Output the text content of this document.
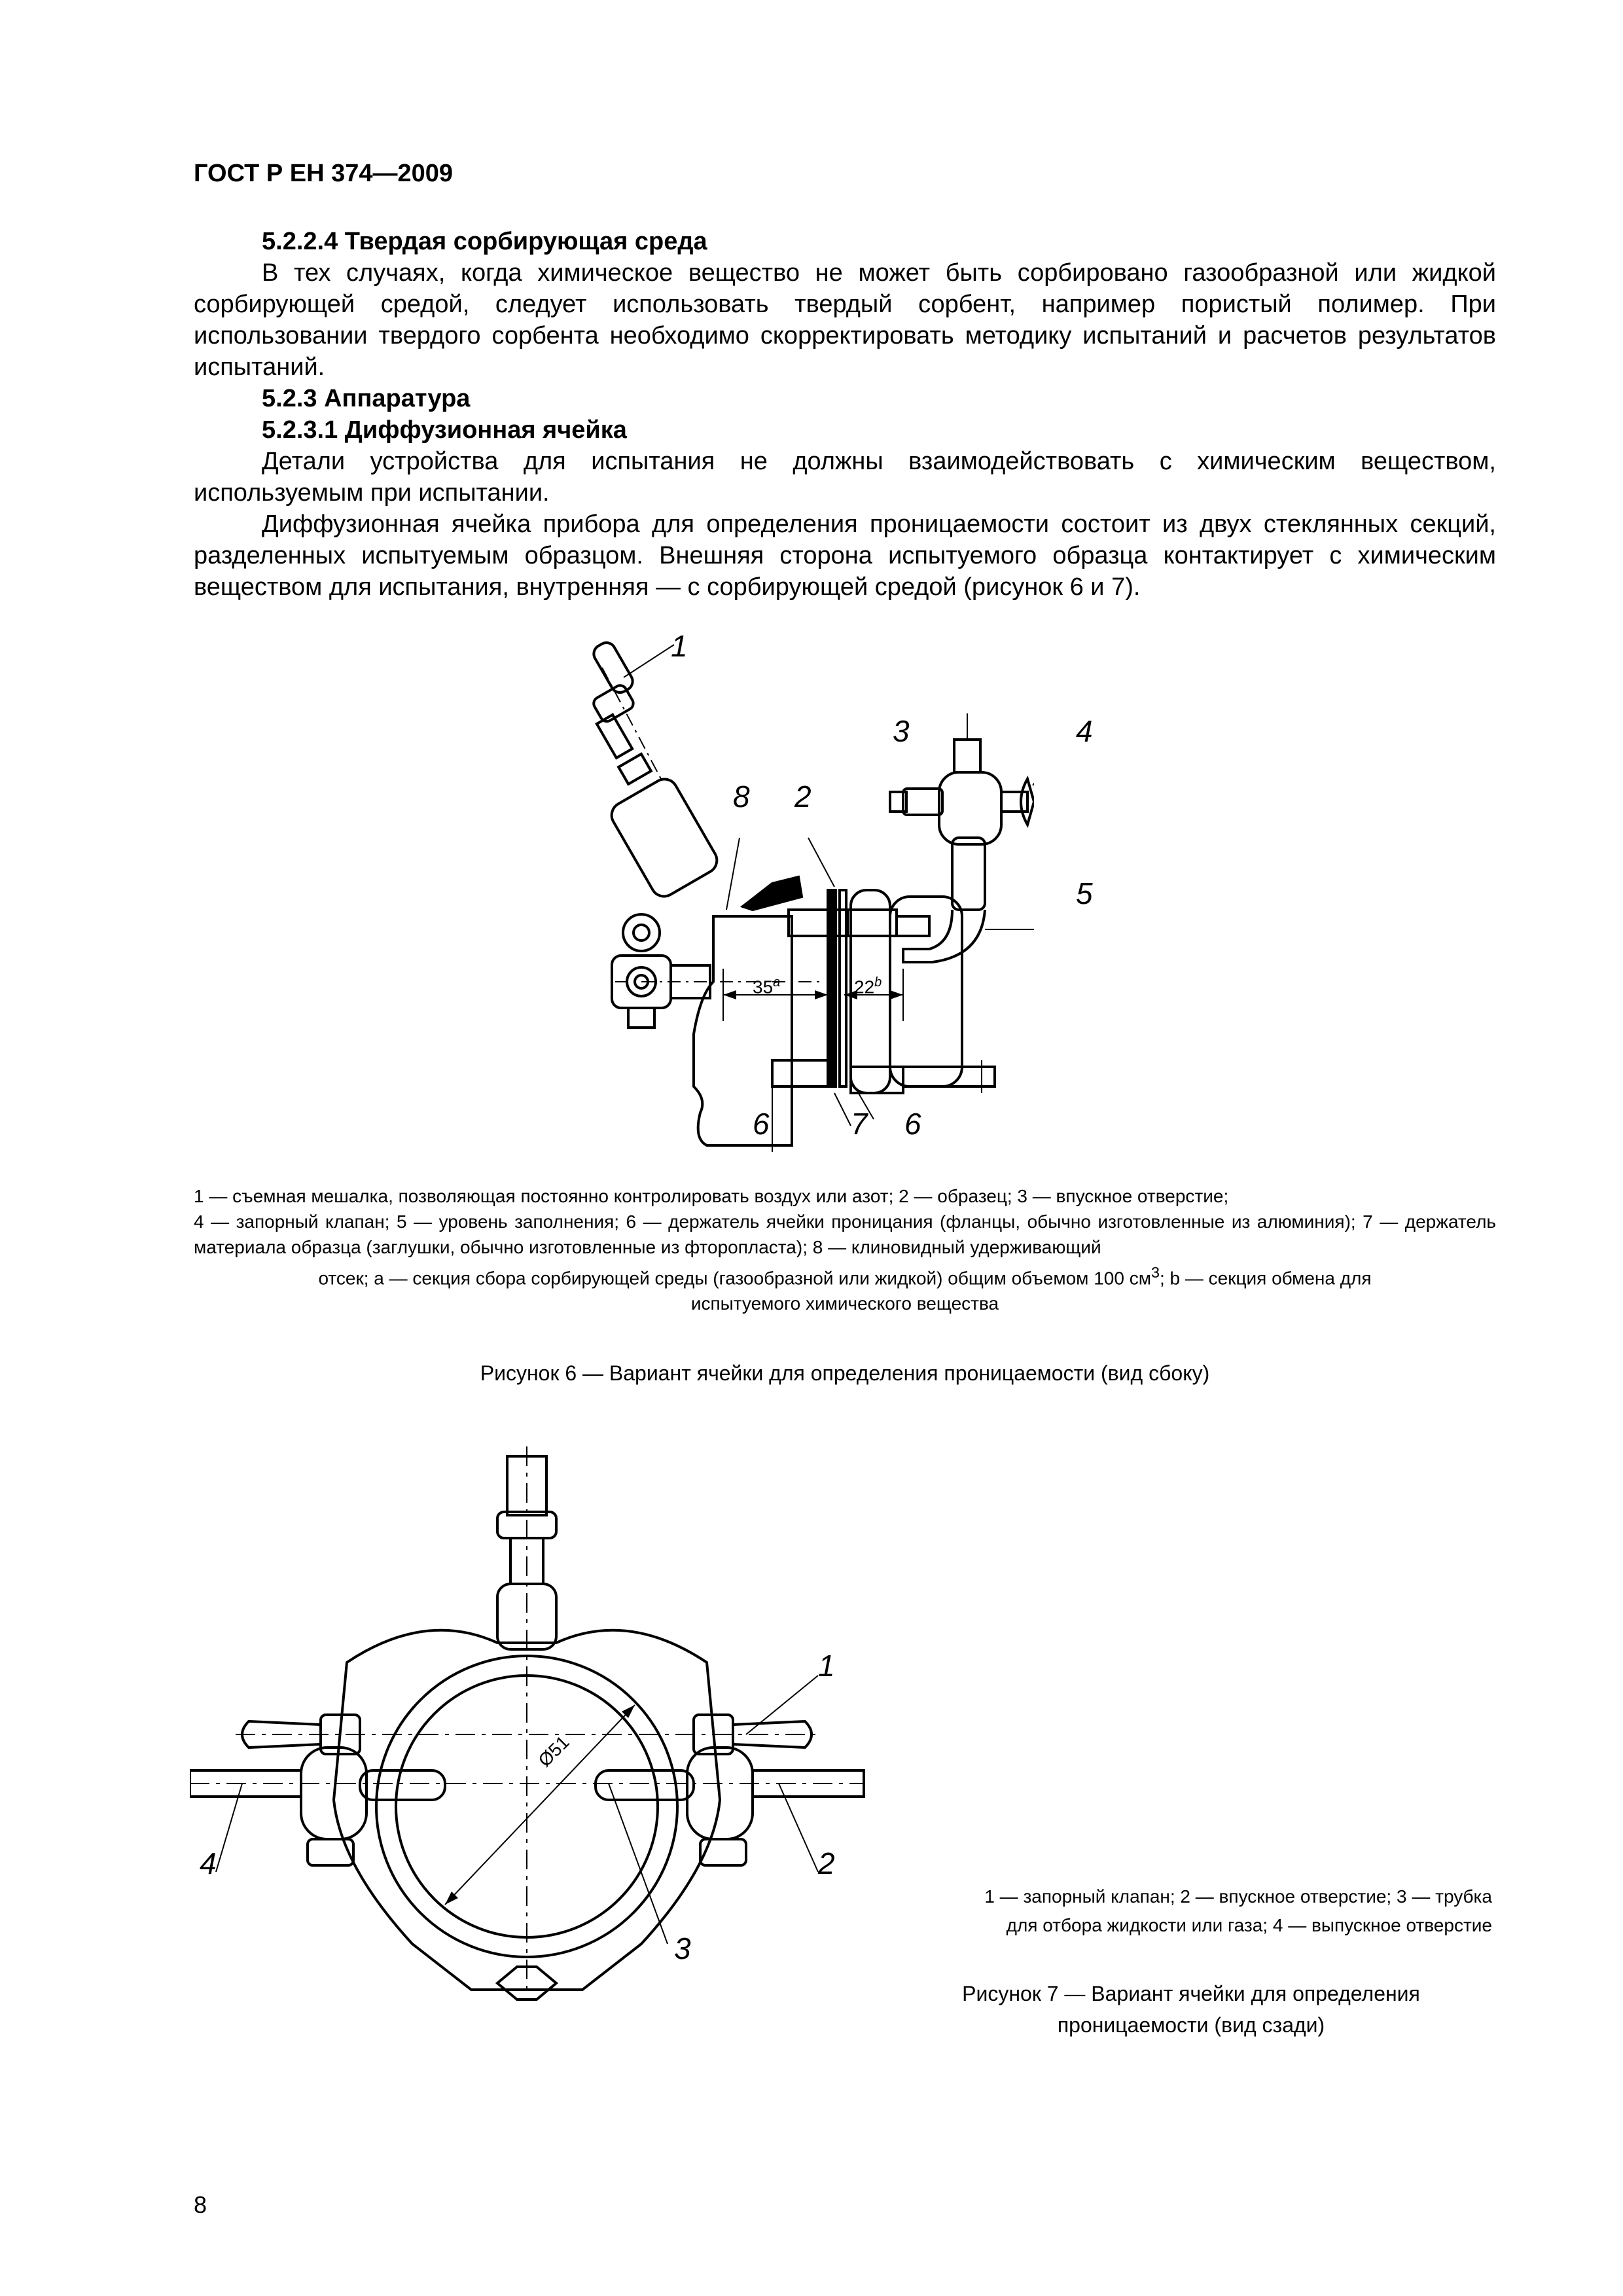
ГОСТ Р ЕН 374—2009

5.2.2.4 Твердая сорбирующая среда

В тех случаях, когда химическое вещество не может быть сорбировано газообразной или жидкой сорбирующей средой, следует использовать твердый сорбент, например пористый полимер. При использовании твердого сорбента необходимо скорректировать методику испытаний и расчетов результатов испытаний.

5.2.3 Аппаратура

5.2.3.1 Диффузионная ячейка

Детали устройства для испытания не должны взаимодействовать с химическим веществом, используемым при испытании.

Диффузионная ячейка прибора для определения проницаемости состоит из двух стеклянных секций, разделенных испытуемым образцом. Внешняя сторона испытуемого образца контактирует с химическим веществом для испытания, внутренняя — с сорбирующей средой (рисунок 6 и 7).

1
8 2
3	4
5
6	7 6
35$^a$	22$^b$

1 — съемная мешалка, позволяющая постоянно контролировать воздух или азот; 2 — образец; 3 — впускное отверстие;

4 — запорный клапан; 5 — уровень заполнения; 6 — держатель ячейки проницания (фланцы, обычно изготовленные из алюминия); 7 — держатель материала образца (заглушки, обычно изготовленные из фторопласта); 8 — клиновидный удерживающий

отсек; a — секция сбора сорбирующей среды (газообразной или жидкой) общим объемом 100 $см^3$; b — секция обмена для

испытуемого химического вещества

Рисунок 6 — Вариант ячейки для определения проницаемости (вид сбоку)
1
2
3
4
Ø51
1 — запорный клапан; 2 — впускное отверстие; 3 — трубка
для отбора жидкости или газа; 4 — выпускное отверстие
Рисунок 7 — Вариант ячейки для определения
проницаемости (вид сзади)
8
